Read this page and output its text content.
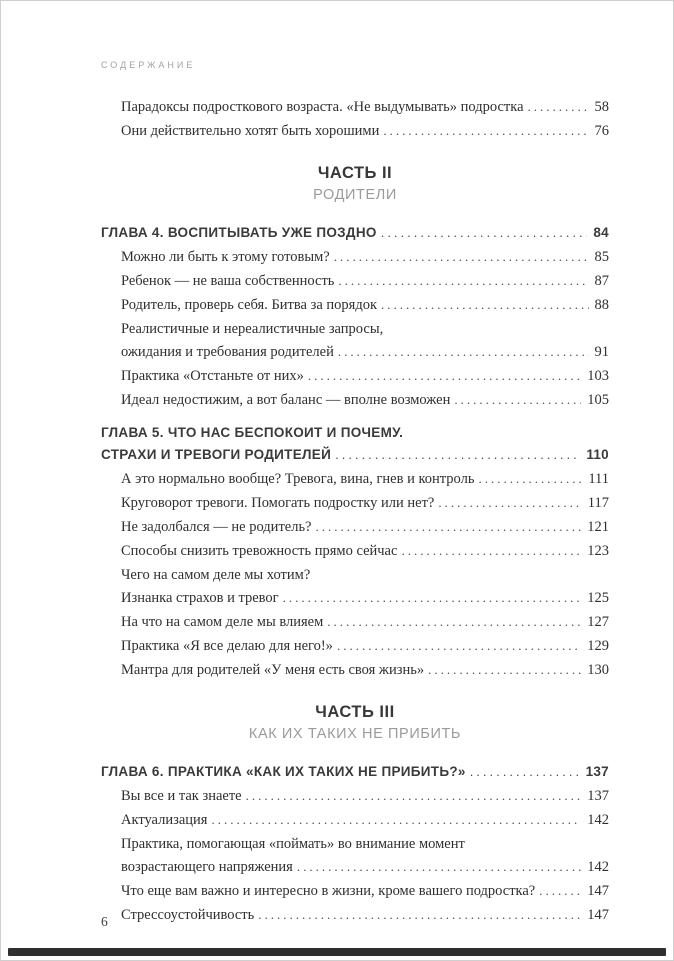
СОДЕРЖАНИЕ
Парадоксы подросткового возраста. «Не выдумывать» подростка .....	58
Они действительно хотят быть хорошими .....	76
ЧАСТЬ II
РОДИТЕЛИ
ГЛАВА 4. ВОСПИТЫВАТЬ УЖЕ ПОЗДНО .....	84
Можно ли быть к этому готовым? .....	85
Ребенок — не ваша собственность .....	87
Родитель, проверь себя. Битва за порядок .....	88
Реалистичные и нереалистичные запросы,
ожидания и требования родителей .....	91
Практика «Отстаньте от них» .....	103
Идеал недостижим, а вот баланс — вполне возможен .....	105
ГЛАВА 5. ЧТО НАС БЕСПОКОИТ И ПОЧЕМУ.
СТРАХИ И ТРЕВОГИ РОДИТЕЛЕЙ .....	110
А это нормально вообще? Тревога, вина, гнев и контроль .....	111
Круговорот тревоги. Помогать подростку или нет? .....	117
Не задолбался — не родитель? .....	121
Способы снизить тревожность прямо сейчас .....	123
Чего на самом деле мы хотим?
Изнанка страхов и тревог .....	125
На что на самом деле мы влияем .....	127
Практика «Я все делаю для него!» .....	129
Мантра для родителей «У меня есть своя жизнь» .....	130
ЧАСТЬ III
КАК ИХ ТАКИХ НЕ ПРИБИТЬ
ГЛАВА 6. ПРАКТИКА «КАК ИХ ТАКИХ НЕ ПРИБИТЬ?» .....	137
Вы все и так знаете .....	137
Актуализация .....	142
Практика, помогающая «поймать» во внимание момент
возрастающего напряжения .....	142
Что еще вам важно и интересно в жизни, кроме вашего подростка? .....	147
Стрессоустойчивость .....	147
6
